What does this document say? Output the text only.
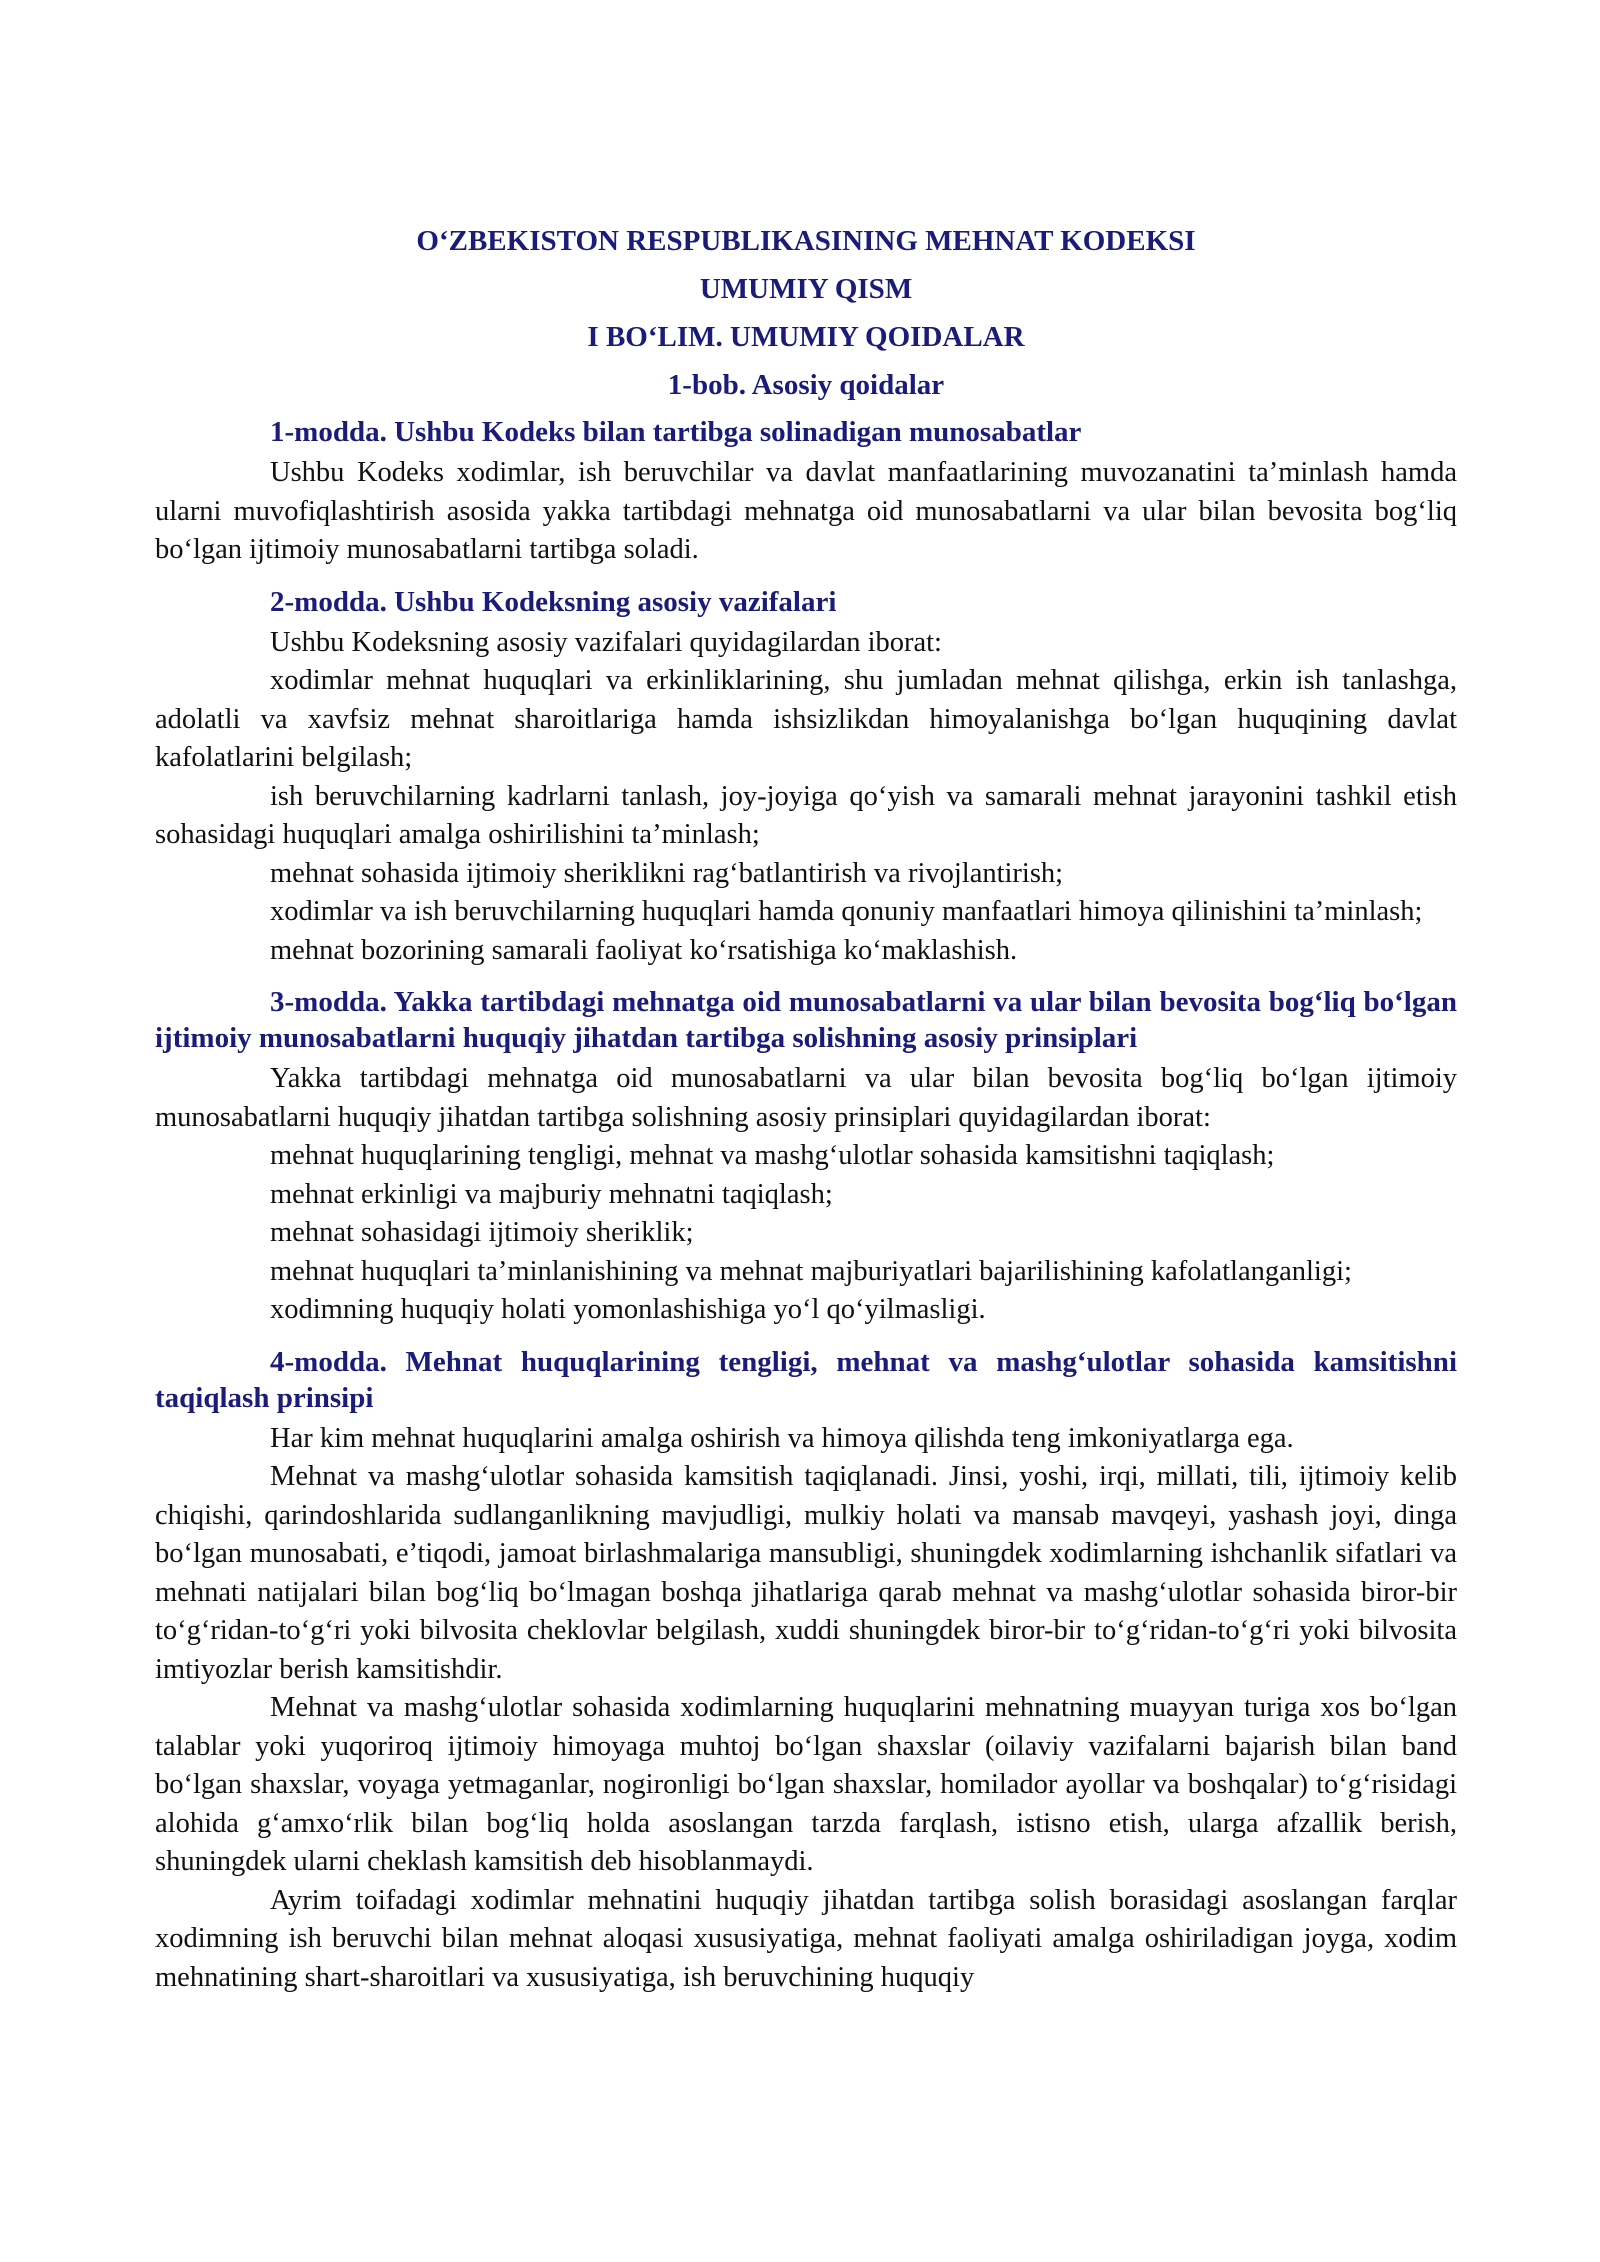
O‘ZBEKISTON RESPUBLIKASINING MEHNAT KODEKSI
UMUMIY QISM
I BO‘LIM. UMUMIY QOIDALAR
1-bob. Asosiy qoidalar
1-modda. Ushbu Kodeks bilan tartibga solinadigan munosabatlar

Ushbu Kodeks xodimlar, ish beruvchilar va davlat manfaatlarining muvozanatini ta’minlash hamda ularni muvofiqlashtirish asosida yakka tartibdagi mehnatga oid munosabatlarni va ular bilan bevosita bog‘liq bo‘lgan ijtimoiy munosabatlarni tartibga soladi.

2-modda. Ushbu Kodeksning asosiy vazifalari

Ushbu Kodeksning asosiy vazifalari quyidagilardan iborat:

xodimlar mehnat huquqlari va erkinliklarining, shu jumladan mehnat qilishga, erkin ish tanlashga, adolatli va xavfsiz mehnat sharoitlariga hamda ishsizlikdan himoyalanishga bo‘lgan huquqining davlat kafolatlarini belgilash;

ish beruvchilarning kadrlarni tanlash, joy-joyiga qo‘yish va samarali mehnat jarayonini tashkil etish sohasidagi huquqlari amalga oshirilishini ta’minlash;

mehnat sohasida ijtimoiy sheriklikni rag‘batlantirish va rivojlantirish;

xodimlar va ish beruvchilarning huquqlari hamda qonuniy manfaatlari himoya qilinishini ta’minlash;

mehnat bozorining samarali faoliyat ko‘rsatishiga ko‘maklashish.

3-modda. Yakka tartibdagi mehnatga oid munosabatlarni va ular bilan bevosita bog‘liq bo‘lgan ijtimoiy munosabatlarni huquqiy jihatdan tartibga solishning asosiy prinsiplari

Yakka tartibdagi mehnatga oid munosabatlarni va ular bilan bevosita bog‘liq bo‘lgan ijtimoiy munosabatlarni huquqiy jihatdan tartibga solishning asosiy prinsiplari quyidagilardan iborat:

mehnat huquqlarining tengligi, mehnat va mashg‘ulotlar sohasida kamsitishni taqiqlash;

mehnat erkinligi va majburiy mehnatni taqiqlash;

mehnat sohasidagi ijtimoiy sheriklik;

mehnat huquqlari ta’minlanishining va mehnat majburiyatlari bajarilishining kafolatlanganligi;

xodimning huquqiy holati yomonlashishiga yo‘l qo‘yilmasligi.

4-modda. Mehnat huquqlarining tengligi, mehnat va mashg‘ulotlar sohasida kamsitishni taqiqlash prinsipi

Har kim mehnat huquqlarini amalga oshirish va himoya qilishda teng imkoniyatlarga ega.

Mehnat va mashg‘ulotlar sohasida kamsitish taqiqlanadi. Jinsi, yoshi, irqi, millati, tili, ijtimoiy kelib chiqishi, qarindoshlarida sudlanganlikning mavjudligi, mulkiy holati va mansab mavqeyi, yashash joyi, dinga bo‘lgan munosabati, e’tiqodi, jamoat birlashmalariga mansubligi, shuningdek xodimlarning ishchanlik sifatlari va mehnati natijalari bilan bog‘liq bo‘lmagan boshqa jihatlariga qarab mehnat va mashg‘ulotlar sohasida biror-bir to‘g‘ridan-to‘g‘ri yoki bilvosita cheklovlar belgilash, xuddi shuningdek biror-bir to‘g‘ridan-to‘g‘ri yoki bilvosita imtiyozlar berish kamsitishdir.

Mehnat va mashg‘ulotlar sohasida xodimlarning huquqlarini mehnatning muayyan turiga xos bo‘lgan talablar yoki yuqoriroq ijtimoiy himoyaga muhtoj bo‘lgan shaxslar (oilaviy vazifalarni bajarish bilan band bo‘lgan shaxslar, voyaga yetmaganlar, nogironligi bo‘lgan shaxslar, homilador ayollar va boshqalar) to‘g‘risidagi alohida g‘amxo‘rlik bilan bog‘liq holda asoslangan tarzda farqlash, istisno etish, ularga afzallik berish, shuningdek ularni cheklash kamsitish deb hisoblanmaydi.

Ayrim toifadagi xodimlar mehnatini huquqiy jihatdan tartibga solish borasidagi asoslangan farqlar xodimning ish beruvchi bilan mehnat aloqasi xususiyatiga, mehnat faoliyati amalga oshiriladigan joyga, xodim mehnatining shart-sharoitlari va xususiyatiga, ish beruvchining huquqiy
